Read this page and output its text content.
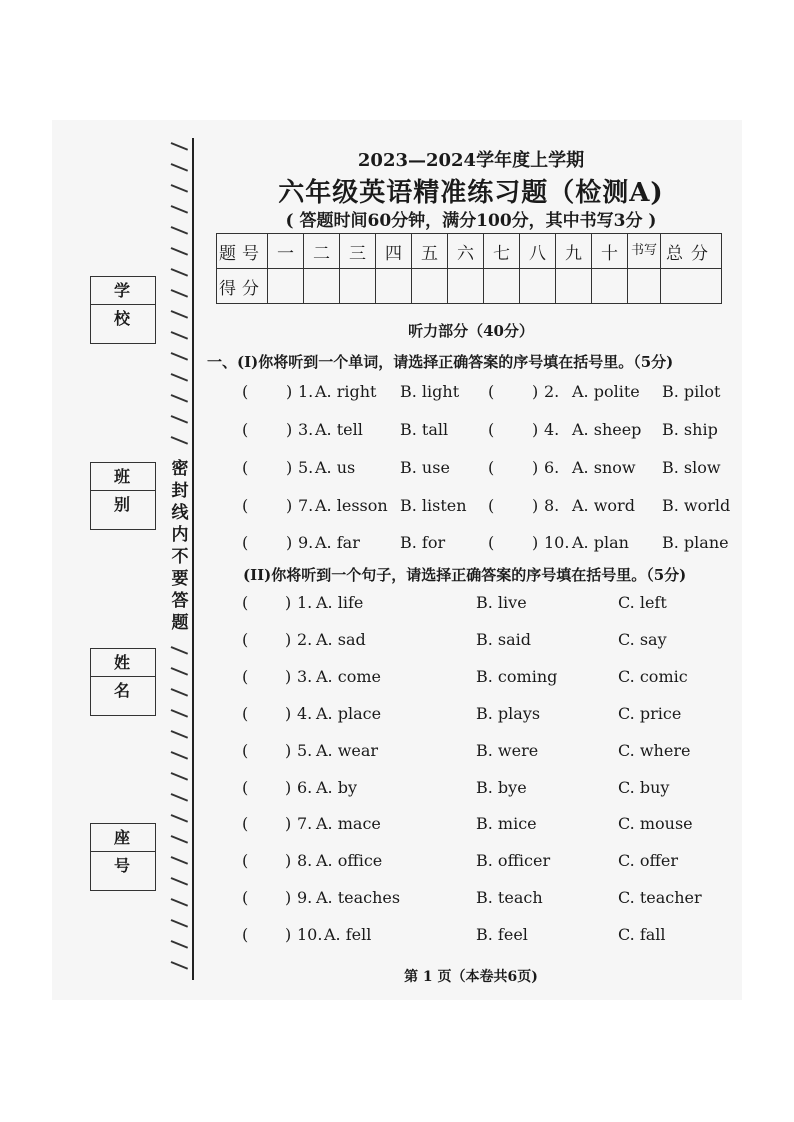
密
封
线
内
不
要
答
题
学校
班别
姓名
座号
2023—2024学年度上学期
六年级英语精准练习题（检测A)
( 答题时间60分钟，满分100分，其中书写3分 )
题号	一	二	三	四	五	六	七	八	九	十	书写	总分
得分												
听力部分（40分）
一、(I)你将听到一个单词，请选择正确答案的序号填在括号里。（5分)
( ) 1. A. right B. light ( ) 2. A. polite B. pilot
( ) 3. A. tell B. tall ( ) 4. A. sheep B. ship
( ) 5. A. us	B. use ( ) 6. A. snow B. slow
( ) 7. A. lesson B. listen ( ) 8. A. word B. world
( ) 9. A. far	B. for	( ) 10. A. plan B. plane
(II)你将听到一个句子，请选择正确答案的序号填在括号里。（5分)
( ) 1. A. life	B. live	C. left
( ) 2. A. sad	B. said	C. say
( ) 3. A. come	B. coming	C. comic
( ) 4. A. place	B. plays	C. price
( ) 5. A. wear	B. were	C. where
( ) 6. A. by	B. bye	C. buy
( ) 7. A. mace	B. mice	C. mouse
( ) 8. A. office	B. officer	C. offer
( ) 9. A. teaches	B. teach	C. teacher
( ) 10. A. fell	B. feel	C. fall
第 1 页（本卷共6页)
